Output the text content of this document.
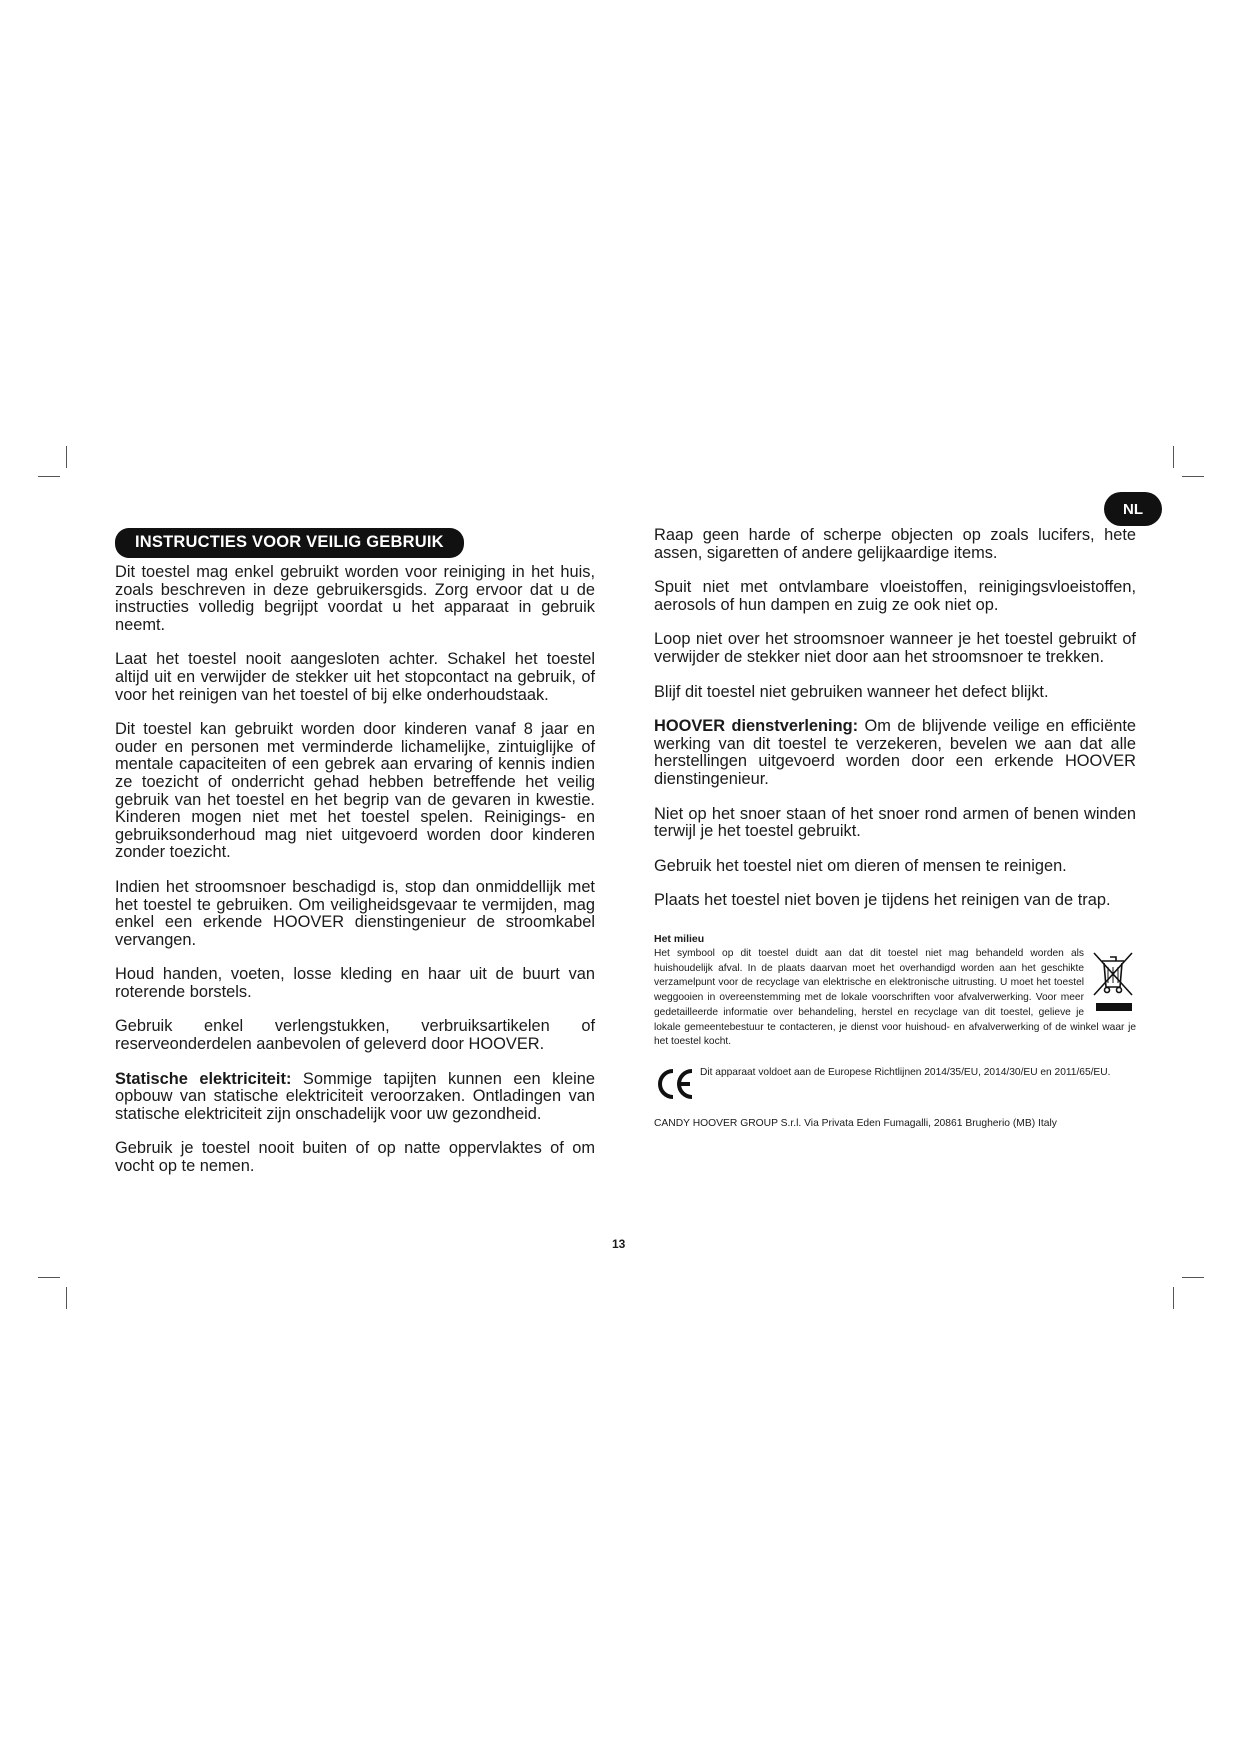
NL
INSTRUCTIES VOOR VEILIG GEBRUIK

Dit toestel mag enkel gebruikt worden voor reiniging in het huis, zoals beschreven in deze gebruikersgids. Zorg ervoor dat u de instructies volledig begrijpt voordat u het apparaat in gebruik neemt.

Laat het toestel nooit aangesloten achter. Schakel het toestel altijd uit en verwijder de stekker uit het stopcontact na gebruik, of voor het reinigen van het toestel of bij elke onderhoudstaak.

Dit toestel kan gebruikt worden door kinderen vanaf 8 jaar en ouder en personen met verminderde lichamelijke, zintuiglijke of mentale capaciteiten of een gebrek aan ervaring of kennis indien ze toezicht of onderricht gehad hebben betreffende het veilig gebruik van het toestel en het begrip van de gevaren in kwestie. Kinderen mogen niet met het toestel spelen. Reinigings- en gebruiksonderhoud mag niet uitgevoerd worden door kinderen zonder toezicht.

Indien het stroomsnoer beschadigd is, stop dan onmiddellijk met het toestel te gebruiken. Om veiligheidsgevaar te vermijden, mag enkel een erkende HOOVER dienstingenieur de stroomkabel vervangen.

Houd handen, voeten, losse kleding en haar uit de buurt van roterende borstels.

Gebruik enkel verlengstukken, verbruiksartikelen of reserveonderdelen aanbevolen of geleverd door HOOVER.

Statische elektriciteit: Sommige tapijten kunnen een kleine opbouw van statische elektriciteit veroorzaken. Ontladingen van statische elektriciteit zijn onschadelijk voor uw gezondheid.

Gebruik je toestel nooit buiten of op natte oppervlaktes of om vocht op te nemen.

Raap geen harde of scherpe objecten op zoals lucifers, hete assen, sigaretten of andere gelijkaardige items.

Spuit niet met ontvlambare vloeistoffen, reinigingsvloeistoffen, aerosols of hun dampen en zuig ze ook niet op.

Loop niet over het stroomsnoer wanneer je het toestel gebruikt of verwijder de stekker niet door aan het stroomsnoer te trekken.

Blijf dit toestel niet gebruiken wanneer het defect blijkt.

HOOVER dienstverlening: Om de blijvende veilige en efficiënte werking van dit toestel te verzekeren, bevelen we aan dat alle herstellingen uitgevoerd worden door een erkende HOOVER dienstingenieur.

Niet op het snoer staan of het snoer rond armen of benen winden terwijl je het toestel gebruikt.

Gebruik het toestel niet om dieren of mensen te reinigen.

Plaats het toestel niet boven je tijdens het reinigen van de trap.

Het milieu
Het symbool op dit toestel duidt aan dat dit toestel niet mag behandeld worden als huishoudelijk afval. In de plaats daarvan moet het overhandigd worden aan het geschikte verzamelpunt voor de recyclage van elektrische en elektronische uitrusting. U moet het toestel weggooien in overeenstemming met de lokale voorschriften voor afvalverwerking. Voor meer gedetailleerde informatie over behandeling, herstel en recyclage van dit toestel, gelieve je lokale gemeentebestuur te contacteren, je dienst voor huishoud- en afvalverwerking of de winkel waar je het toestel kocht.
Dit apparaat voldoet aan de Europese Richtlijnen 2014/35/EU, 2014/30/EU en 2011/65/EU.
CANDY HOOVER GROUP S.r.l. Via Privata Eden Fumagalli, 20861 Brugherio (MB) Italy
13
